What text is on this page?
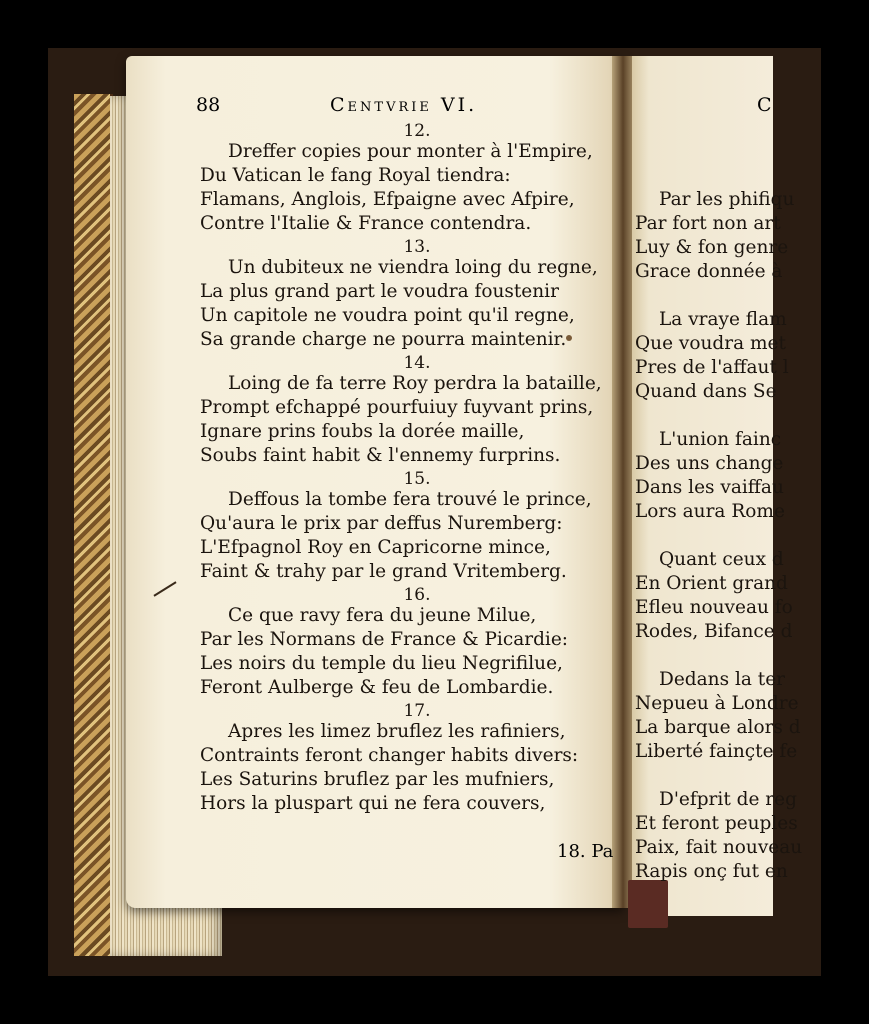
88	Centvrie VI.
12.
Dreffer copies pour monter à l'Empire,
Du Vatican le fang Royal tiendra:
Flamans, Anglois, Efpaigne avec Afpire,
Contre l'Italie & France contendra.
13.
Un dubiteux ne viendra loing du regne,
La plus grand part le voudra foustenir
Un capitole ne voudra point qu'il regne,
Sa grande charge ne pourra maintenir.
14.
Loing de fa terre Roy perdra la bataille,
Prompt efchappé pourfuiuy fuyvant prins,
Ignare prins foubs la dorée maille,
Soubs faint habit & l'ennemy furprins.
15.
Deffous la tombe fera trouvé le prince,
Qu'aura le prix par deffus Nuremberg:
L'Efpagnol Roy en Capricorne mince,
Faint & trahy par le grand Vritemberg.
16.
Ce que ravy fera du jeune Milue,
Par les Normans de France & Picardie:
Les noirs du temple du lieu Negrifilue,
Feront Aulberge & feu de Lombardie.
17.
Apres les limez bruflez les rafiniers,
Contraints feront changer habits divers:
Les Saturins bruflez par les mufniers,
Hors la pluspart qui ne fera couvers,
C
Par les phifiqu
Par fort non art
Luy & fon genre
Grace donnée à
La vraye flam
Que voudra met
Pres de l'affaut l
Quand dans Se
L'union fainc
Des uns change
Dans les vaiffau
Lors aura Rome
Quant ceux d
En Orient grand
Efleu nouveau fo
Rodes, Bifance d
Dedans la ter
Nepueu à Londre
La barque alors d
Liberté fainçte fe
D'efprit de reg
Et feront peuples
Paix, fait nouveau
Rapis onç fut en
18. Pa
